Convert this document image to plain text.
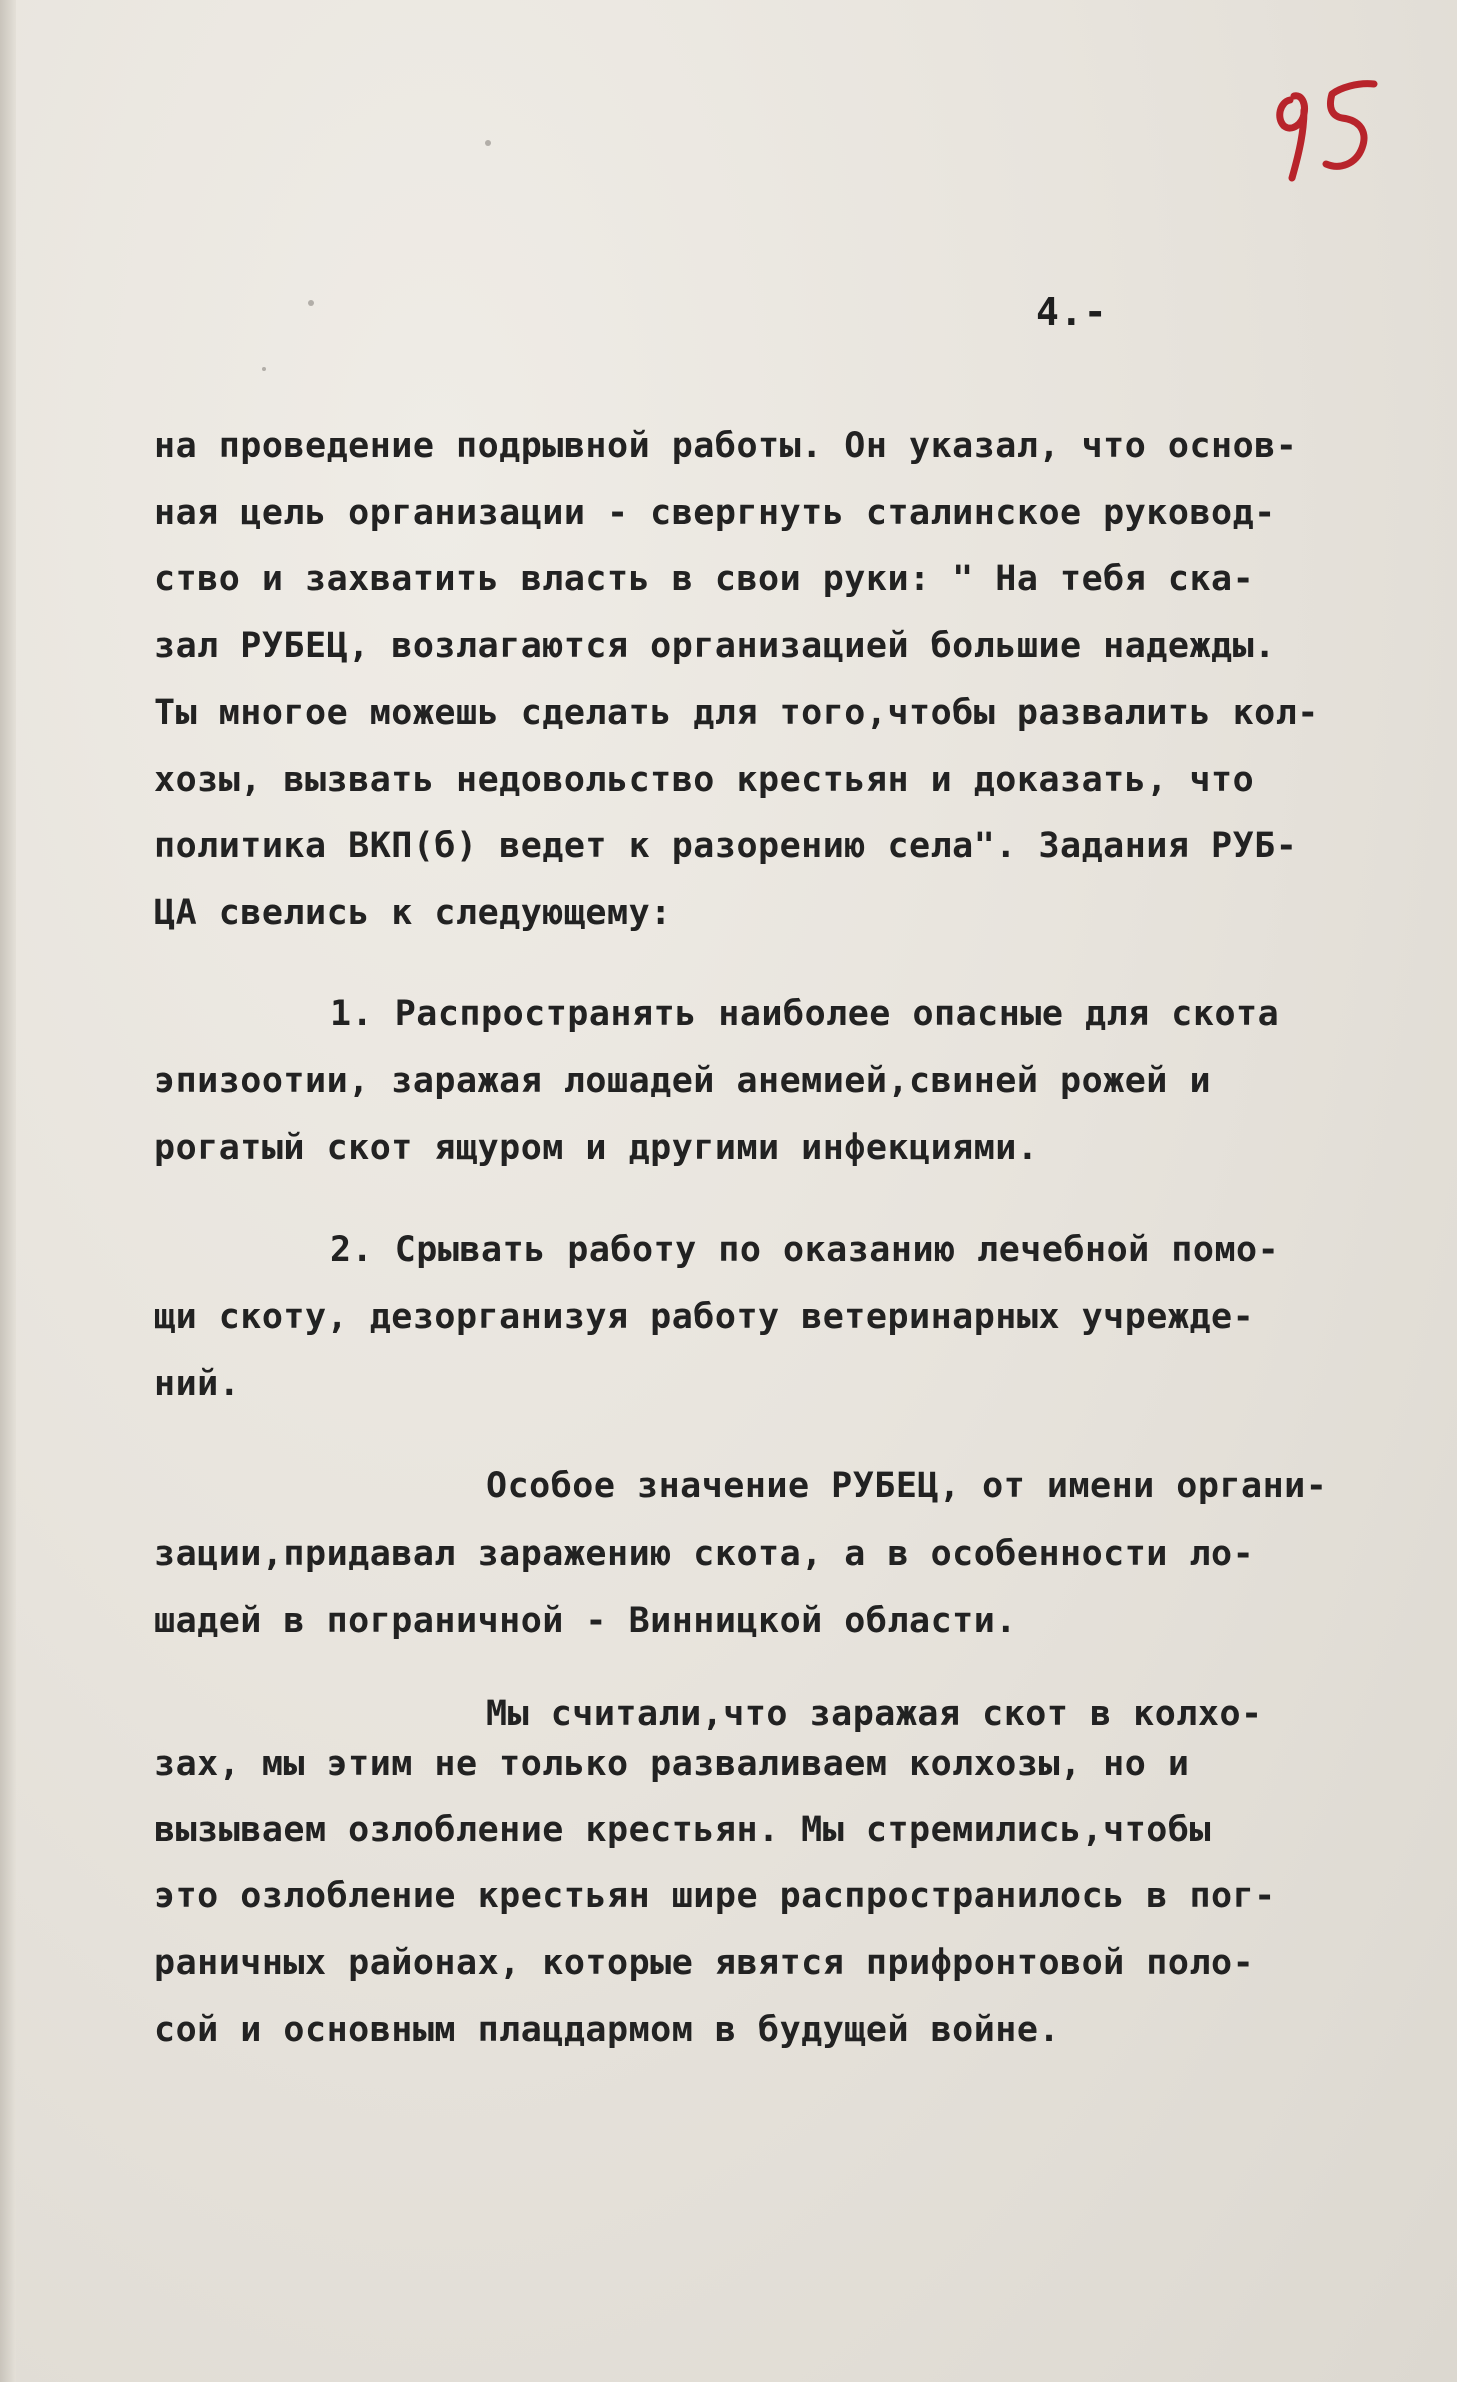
4.-
на проведение подрывной работы. Он указал, что основ-
ная цель организации - свергнуть сталинское руковод-
ство и захватить власть в свои руки: " На тебя ска-
зал РУБЕЦ, возлагаются организацией большие надежды.
Ты многое можешь сделать для того,чтобы развалить кол-
хозы, вызвать недовольство крестьян и доказать, что
политика ВКП(б) ведет к разорению села". Задания РУБ-
ЦА свелись к следующему:
1. Распространять наиболее опасные для скота
эпизоотии, заражая лошадей анемией,свиней рожей и
рогатый скот ящуром и другими инфекциями.
2. Срывать работу по оказанию лечебной помо-
щи скоту, дезорганизуя работу ветеринарных учрежде-
ний.
Особое значение РУБЕЦ, от имени органи-
зации,придавал заражению скота, а в особенности ло-
шадей в пограничной - Винницкой области.
Мы считали,что заражая скот в колхо-
зах, мы этим не только разваливаем колхозы, но и
вызываем озлобление крестьян. Мы стремились,чтобы
это озлобление крестьян шире распространилось в пог-
раничных районах, которые явятся прифронтовой поло-
сой и основным плацдармом в будущей войне.
